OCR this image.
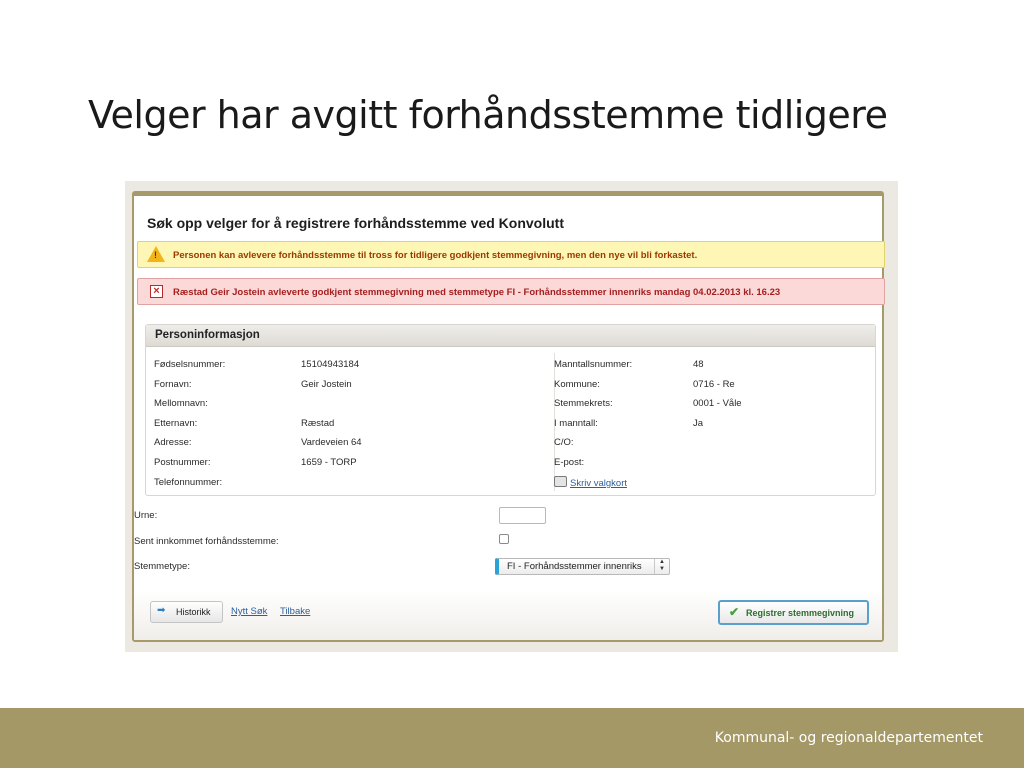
Velger har avgitt forhåndsstemme tidligere
Søk opp velger for å registrere forhåndsstemme ved Konvolutt
! Personen kan avlevere forhåndsstemme til tross for tidligere godkjent stemmegivning, men den nye vil bli forkastet.
×	Ræstad Geir Jostein avleverte godkjent stemmegivning med stemmetype FI - Forhåndsstemmer innenriks mandag 04.02.2013 kl. 16.23
Personinformasjon
Fødselsnummer:	15104943184
Fornavn:	Geir Jostein
Mellomnavn:
Etternavn:	Ræstad
Adresse:	Vardeveien 64
Postnummer:	1659 - TORP
Telefonnummer:
Manntallsnummer:	48
Kommune:	0716 - Re
Stemmekrets:	0001 - Våle
I manntall:	Ja
C/O:
E-post:
Skriv valgkort
Urne:
Sent innkommet forhåndsstemme:
Stemmetype:	FI - Forhåndsstemmer innenriks	▲
▼
➡ Historikk Nytt Søk Tilbake	✔ Registrer stemmegivning
Kommunal- og regionaldepartementet
